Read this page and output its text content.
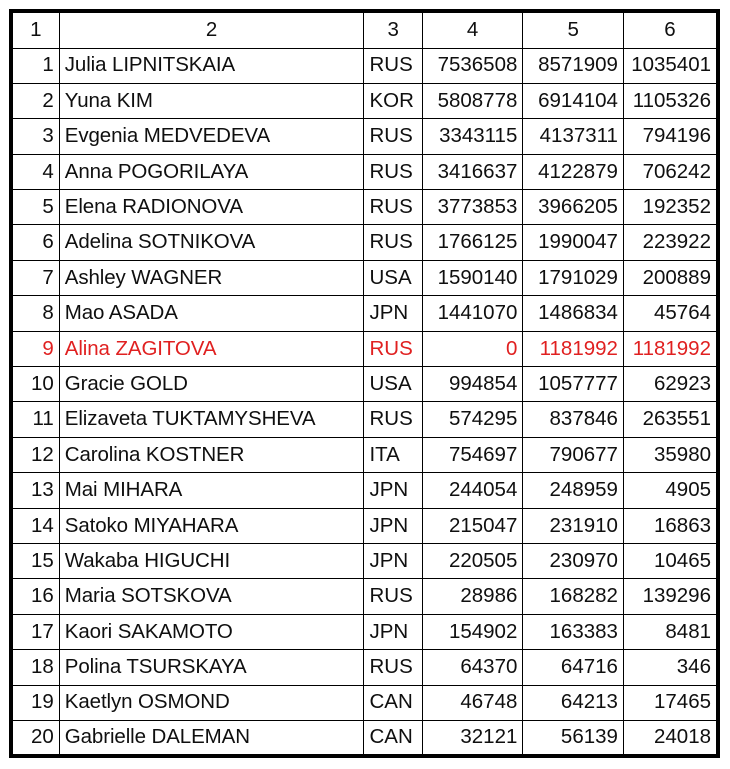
1	2	3	4	5	6
1	Julia LIPNITSKAIA	RUS	7536508	8571909	1035401
2	Yuna KIM	KOR	5808778	6914104	1105326
3	Evgenia MEDVEDEVA	RUS	3343115	4137311	794196
4	Anna POGORILAYA	RUS	3416637	4122879	706242
5	Elena RADIONOVA	RUS	3773853	3966205	192352
6	Adelina SOTNIKOVA	RUS	1766125	1990047	223922
7	Ashley WAGNER	USA	1590140	1791029	200889
8	Mao ASADA	JPN	1441070	1486834	45764
9	Alina ZAGITOVA	RUS	0	1181992	1181992
10	Gracie GOLD	USA	994854	1057777	62923
11	Elizaveta TUKTAMYSHEVA	RUS	574295	837846	263551
12	Carolina KOSTNER	ITA	754697	790677	35980
13	Mai MIHARA	JPN	244054	248959	4905
14	Satoko MIYAHARA	JPN	215047	231910	16863
15	Wakaba HIGUCHI	JPN	220505	230970	10465
16	Maria SOTSKOVA	RUS	28986	168282	139296
17	Kaori SAKAMOTO	JPN	154902	163383	8481
18	Polina TSURSKAYA	RUS	64370	64716	346
19	Kaetlyn OSMOND	CAN	46748	64213	17465
20	Gabrielle DALEMAN	CAN	32121	56139	24018
